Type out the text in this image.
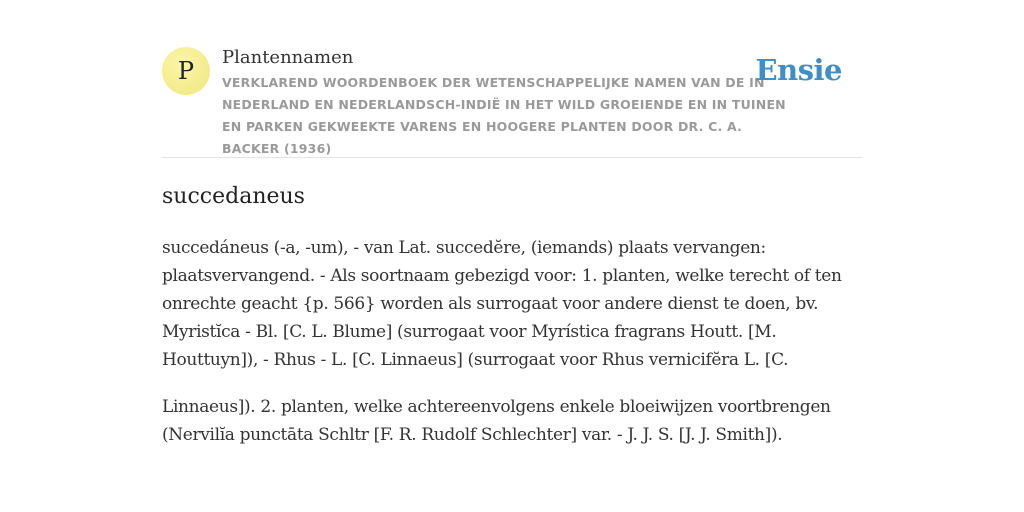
P	Plantennamen
VERKLAREND WOORDENBOEK DER WETENSCHAPPELIJKE NAMEN VAN DE IN NEDERLAND EN NEDERLANDSCH-INDIË IN HET WILD GROEIENDE EN IN TUINEN EN PARKEN GEKWEEKTE VARENS EN HOOGERE PLANTEN DOOR DR. C. A. BACKER (1936)
Ensie
succedaneus

succedáneus (-a, -um), - van Lat. succedĕre, (iemands) plaats vervangen: plaatsvervangend. - Als soortnaam gebezigd voor: 1. planten, welke terecht of ten onrechte geacht {p. 566} worden als surrogaat voor andere dienst te doen, bv. Myristĭca - Bl. [C. L. Blume] (surrogaat voor Myrística fragrans Houtt. [M. Houttuyn]), - Rhus - L. [C. Linnaeus] (surrogaat voor Rhus vernicifĕra L. [C.

Linnaeus]). 2. planten, welke achtereenvolgens enkele bloeiwijzen voortbrengen (Nervilĭa punctāta Schltr [F. R. Rudolf Schlechter] var. - J. J. S. [J. J. Smith]).
